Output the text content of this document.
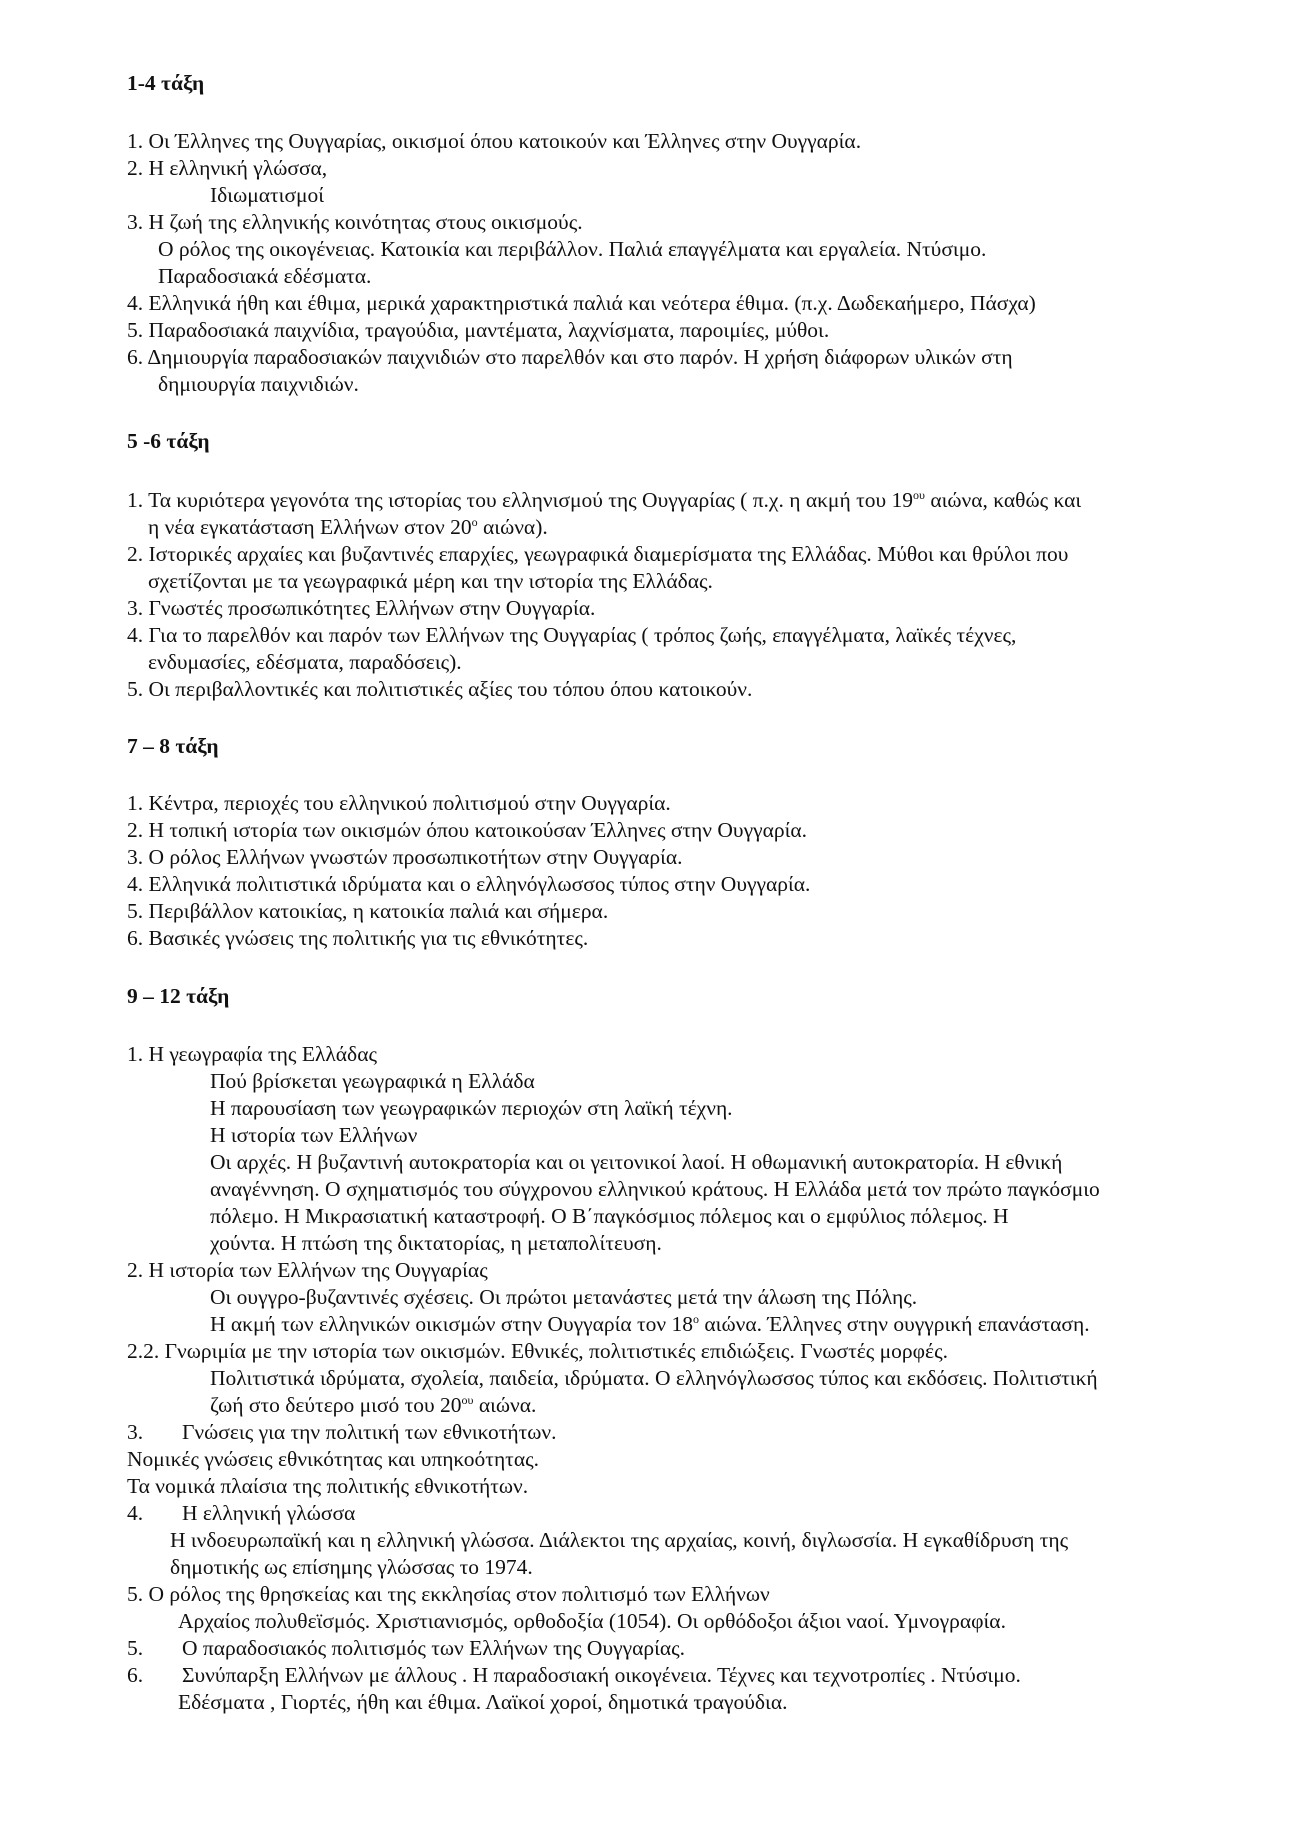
1-4 τάξη
1. Οι Έλληνες της Ουγγαρίας, οικισμοί όπου κατοικούν και Έλληνες στην Ουγγαρία.
2. Η ελληνική γλώσσα,
Ιδιωματισμοί
3. Η ζωή της ελληνικής κοινότητας στους οικισμούς.
Ο ρόλος της οικογένειας. Κατοικία και περιβάλλον. Παλιά επαγγέλματα και εργαλεία. Ντύσιμο.
Παραδοσιακά εδέσματα.
4. Ελληνικά ήθη και έθιμα, μερικά χαρακτηριστικά παλιά και νεότερα έθιμα. (π.χ. Δωδεκαήμερο, Πάσχα)
5. Παραδοσιακά παιχνίδια, τραγούδια, μαντέματα, λαχνίσματα, παροιμίες, μύθοι.
6. Δημιουργία παραδοσιακών παιχνιδιών στο παρελθόν και στο παρόν. Η χρήση διάφορων υλικών στη
δημιουργία παιχνιδιών.
5 -6 τάξη
1. Τα κυριότερα γεγονότα της ιστορίας του ελληνισμού της Ουγγαρίας ( π.χ. η ακμή του $19^{o\upsilon}$ αιώνα, καθώς και
η νέα εγκατάσταση Ελλήνων στον $20^o$ αιώνα).
2. Ιστορικές αρχαίες και βυζαντινές επαρχίες, γεωγραφικά διαμερίσματα της Ελλάδας. Μύθοι και θρύλοι που
σχετίζονται με τα γεωγραφικά μέρη και την ιστορία της Ελλάδας.
3. Γνωστές προσωπικότητες Ελλήνων στην Ουγγαρία.
4. Για το παρελθόν και παρόν των Ελλήνων της Ουγγαρίας ( τρόπος ζωής, επαγγέλματα, λαϊκές τέχνες,
ενδυμασίες, εδέσματα, παραδόσεις).
5. Οι περιβαλλοντικές και πολιτιστικές αξίες του τόπου όπου κατοικούν.
7 – 8 τάξη
1. Κέντρα, περιοχές του ελληνικού πολιτισμού στην Ουγγαρία.
2. Η τοπική ιστορία των οικισμών όπου κατοικούσαν Έλληνες στην Ουγγαρία.
3. Ο ρόλος Ελλήνων γνωστών προσωπικοτήτων στην Ουγγαρία.
4. Ελληνικά πολιτιστικά ιδρύματα και ο ελληνόγλωσσος τύπος στην Ουγγαρία.
5. Περιβάλλον κατοικίας, η κατοικία παλιά και σήμερα.
6. Βασικές γνώσεις της πολιτικής για τις εθνικότητες.
9 – 12 τάξη
1. Η γεωγραφία της Ελλάδας
Πού βρίσκεται γεωγραφικά η Ελλάδα
Η παρουσίαση των γεωγραφικών περιοχών στη λαϊκή τέχνη.
Η ιστορία των Ελλήνων
Οι αρχές. Η βυζαντινή αυτοκρατορία και οι γειτονικοί λαοί. Η οθωμανική αυτοκρατορία. Η εθνική
αναγέννηση. Ο σχηματισμός του σύγχρονου ελληνικού κράτους. Η Ελλάδα μετά τον πρώτο παγκόσμιο
πόλεμο. Η Μικρασιατική καταστροφή. Ο Β΄παγκόσμιος πόλεμος και ο εμφύλιος πόλεμος. Η
χούντα. Η πτώση της δικτατορίας, η μεταπολίτευση.
2. Η ιστορία των Ελλήνων της Ουγγαρίας
Οι ουγγρο-βυζαντινές σχέσεις. Οι πρώτοι μετανάστες μετά την άλωση της Πόλης.
Η ακμή των ελληνικών οικισμών στην Ουγγαρία τον $18^o$ αιώνα. Έλληνες στην ουγγρική επανάσταση.
2.2. Γνωριμία με την ιστορία των οικισμών. Εθνικές, πολιτιστικές επιδιώξεις. Γνωστές μορφές.
Πολιτιστικά ιδρύματα, σχολεία, παιδεία, ιδρύματα. Ο ελληνόγλωσσος τύπος και εκδόσεις. Πολιτιστική
ζωή στο δεύτερο μισό του $20^{o\upsilon}$ αιώνα.
3. Γνώσεις για την πολιτική των εθνικοτήτων.
Νομικές γνώσεις εθνικότητας και υπηκοότητας.
Τα νομικά πλαίσια της πολιτικής εθνικοτήτων.
4. Η ελληνική γλώσσα
Η ινδοευρωπαϊκή και η ελληνική γλώσσα. Διάλεκτοι της αρχαίας, κοινή, διγλωσσία. Η εγκαθίδρυση της
δημοτικής ως επίσημης γλώσσας το 1974.
5. Ο ρόλος της θρησκείας και της εκκλησίας στον πολιτισμό των Ελλήνων
Αρχαίος πολυθεϊσμός. Χριστιανισμός, ορθοδοξία (1054). Οι ορθόδοξοι άξιοι ναοί. Υμνογραφία.
5. Ο παραδοσιακός πολιτισμός των Ελλήνων της Ουγγαρίας.
6. Συνύπαρξη Ελλήνων με άλλους . Η παραδοσιακή οικογένεια. Τέχνες και τεχνοτροπίες . Ντύσιμο.
Εδέσματα , Γιορτές, ήθη και έθιμα. Λαϊκοί χοροί, δημοτικά τραγούδια.
